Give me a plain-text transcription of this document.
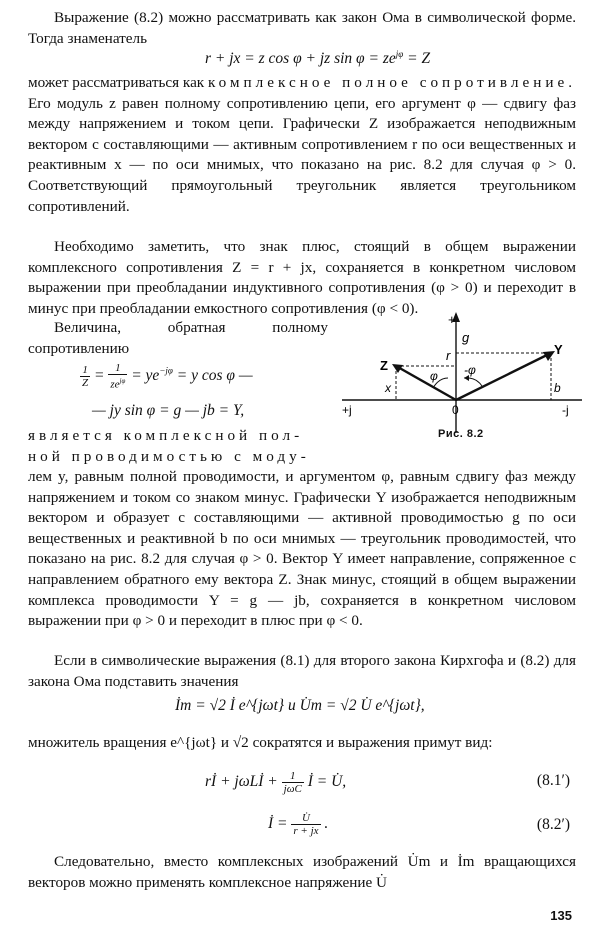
Выражение (8.2) можно рассматривать как закон Ома в символической форме. Тогда знаменатель
r + jx = z cos φ + jz $\sin \varphi = ze^{j\varphi} = Z$
может рассматриваться как комплексное полное сопротивление. Его модуль z равен полному сопротивлению цепи, его аргумент φ — сдвигу фаз между напряжением и током цепи. Графически Z изображается неподвижным вектором с составляющими — активным сопротивлением r по оси вещественных и реактивным x — по оси мнимых, что показано на рис. 8.2 для случая φ > 0. Соответствующий прямоугольный треугольник является треугольником сопротивлений.
Необходимо заметить, что знак плюс, стоящий в общем выражении комплексного сопротивления Z = r + jx, сохраняется в конкретном числовом выражении при преобладании индуктивного сопротивления (φ > 0) и переходит в минус при преобладании емкостного сопротивления (φ < 0).
Величина, обратная полному сопротивлению
$\frac{1}{Z} = \frac{1}{ze^{j\varphi}} = ye^{-j\varphi} = y$ cos φ —
— jy sin φ = g — jb = Y,
является комплексной пол-
ной проводимостью с моду-
лем y, равным полной проводимости, и аргументом φ, равным сдвигу фаз между напряжением и током со знаком минус. Графически Y изображается неподвижным вектором и образует с составляющими — активной проводимостью g по оси вещественных и реактивной b по оси мнимых — треугольник проводимостей, что показано на рис. 8.2 для случая φ > 0. Вектор Y имеет направление, сопряженное с направлением обратного ему вектора Z. Знак минус, стоящий в общем выражении комплекса проводимости Y = g — jb, сохраняется в конкретном числовом выражении при φ > 0 и переходит в плюс при φ < 0.
Если в символические выражения (8.1) для второго закона Кирхгофа и (8.2) для закона Ома подставить значения
İm = √2 İ e^{jωt} и U̇m = √2 U̇ e^{jωt},
множитель вращения e^{jωt} и √2 сократятся и выражения примут вид:
rİ + jωLİ + $\frac{1}{\text{jωC}}$ İ = U̇,	(8.1′)
İ = $\frac{U̇}{r + jx}$ .	(8.2′)
Следовательно, вместо комплексных изображений U̇m и İm вращающихся векторов можно применять комплексное напряжение U̇
+
g
r
Z
Y
φ -φ
x	b
+j	0	-j
Рис. 8.2
135
